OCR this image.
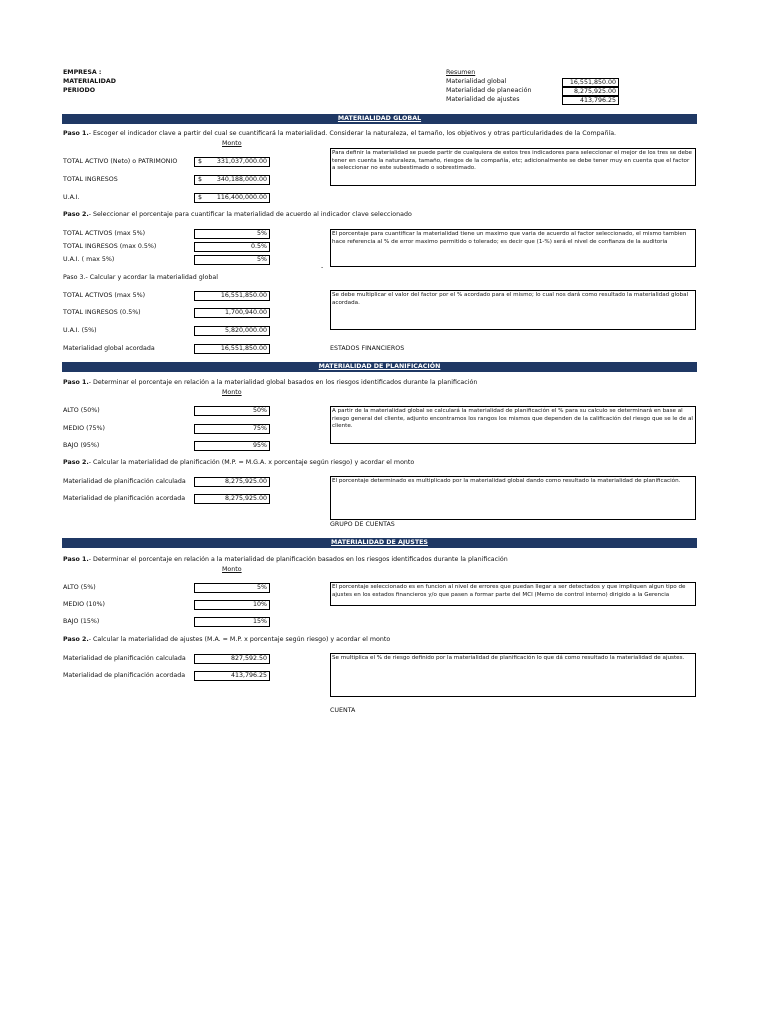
EMPRESA :
MATERIALIDAD
PERIODO
Resumen
Materialidad global	16,551,850.00
Materialidad de planeación	8,275,925.00
Materialidad de ajustes	413,796.25
MATERIALIDAD GLOBAL
Paso 1.- Escoger el indicador clave a partir del cual se cuantificará la materialidad. Considerar la naturaleza, el tamaño, los objetivos y otras particularidades de la Compañía.
Monto
TOTAL ACTIVO (Neto) o PATRIMONIO	$ 331,037,000.00
TOTAL INGRESOS	$ 340,188,000.00
U.A.I.	$ 116,400,000.00
Para definir la materialidad se puede partir de cualquiera de estos tres indicadores para seleccionar el mejor de los tres se debe tener en cuenta la naturaleza, tamaño, riesgos de la compañía, etc; adicionalmente se debe tener muy en cuenta que el factor a seleccionar no este subestimado o sobrestimado.
Paso 2.- Seleccionar el porcentaje para cuantificar la materialidad de acuerdo al indicador clave seleccionado
TOTAL ACTIVOS (max 5%)	5%
TOTAL INGRESOS (max 0.5%)	0.5%
U.A.I. ( max 5%)	5%
El porcentaje para cuantificar la materialidad tiene un maximo que varia de acuerdo al factor seleccionado, el mismo tambien hace referencia al % de error maximo permitido o tolerado; es decir que (1-%) será el nivel de confianza de la auditoria
-
Paso 3.- Calcular y acordar la materialidad global
TOTAL ACTIVOS (max 5%)	16,551,850.00
TOTAL INGRESOS (0.5%)	1,700,940.00
U.A.I. (5%)	5,820,000.00
Materialidad global acordada	16,551,850.00
Se debe multiplicar el valor del factor por el % acordado para el mismo; lo cual nos dará como resultado la materialidad global acordada.
ESTADOS FINANCIEROS
MATERIALIDAD DE PLANIFICACIÓN
Paso 1.- Determinar el porcentaje en relación a la materialidad global basados en los riesgos identificados durante la planificación
Monto
ALTO (50%)	50%
MEDIO (75%)	75%
BAJO (95%)	95%
A partir de la materialidad global se calculará la materialidad de planificación el % para su calculo se determinará en base al riesgo general del cliente, adjunto encontramos los rangos los mismos que dependen de la calificación del riesgo que se le de al cliente.
Paso 2.- Calcular la materialidad de planificación (M.P. = M.G.A. x porcentaje según riesgo) y acordar el monto
Materialidad de planificación calculada	8,275,925.00
Materialidad de planificación acordada	8,275,925.00
El porcentaje determinado es multiplicado por la materialidad global dando como resultado la materialidad de planificación.
GRUPO DE CUENTAS
MATERIALIDAD DE AJUSTES
Paso 1.- Determinar el porcentaje en relación a la materialidad de planificación basados en los riesgos identificados durante la planificación
Monto
ALTO (5%)	5%
MEDIO (10%)	10%
BAJO (15%)	15%
El porcentaje seleccionado es en funcion al nivel de errores que puedan llegar a ser detectados y que impliquen algun tipo de ajustes en los estados financieros y/o que pasen a formar parte del MCI (Memo de control interno) dirigido a la Gerencia
Paso 2.- Calcular la materialidad de ajustes (M.A. = M.P. x porcentaje según riesgo) y acordar el monto
Materialidad de planificación calculada	827,592.50
Materialidad de planificación acordada	413,796.25
Se multiplica el % de riesgo definido por la materialidad de planificación lo que dá como resultado la materialidad de ajustes.
CUENTA
